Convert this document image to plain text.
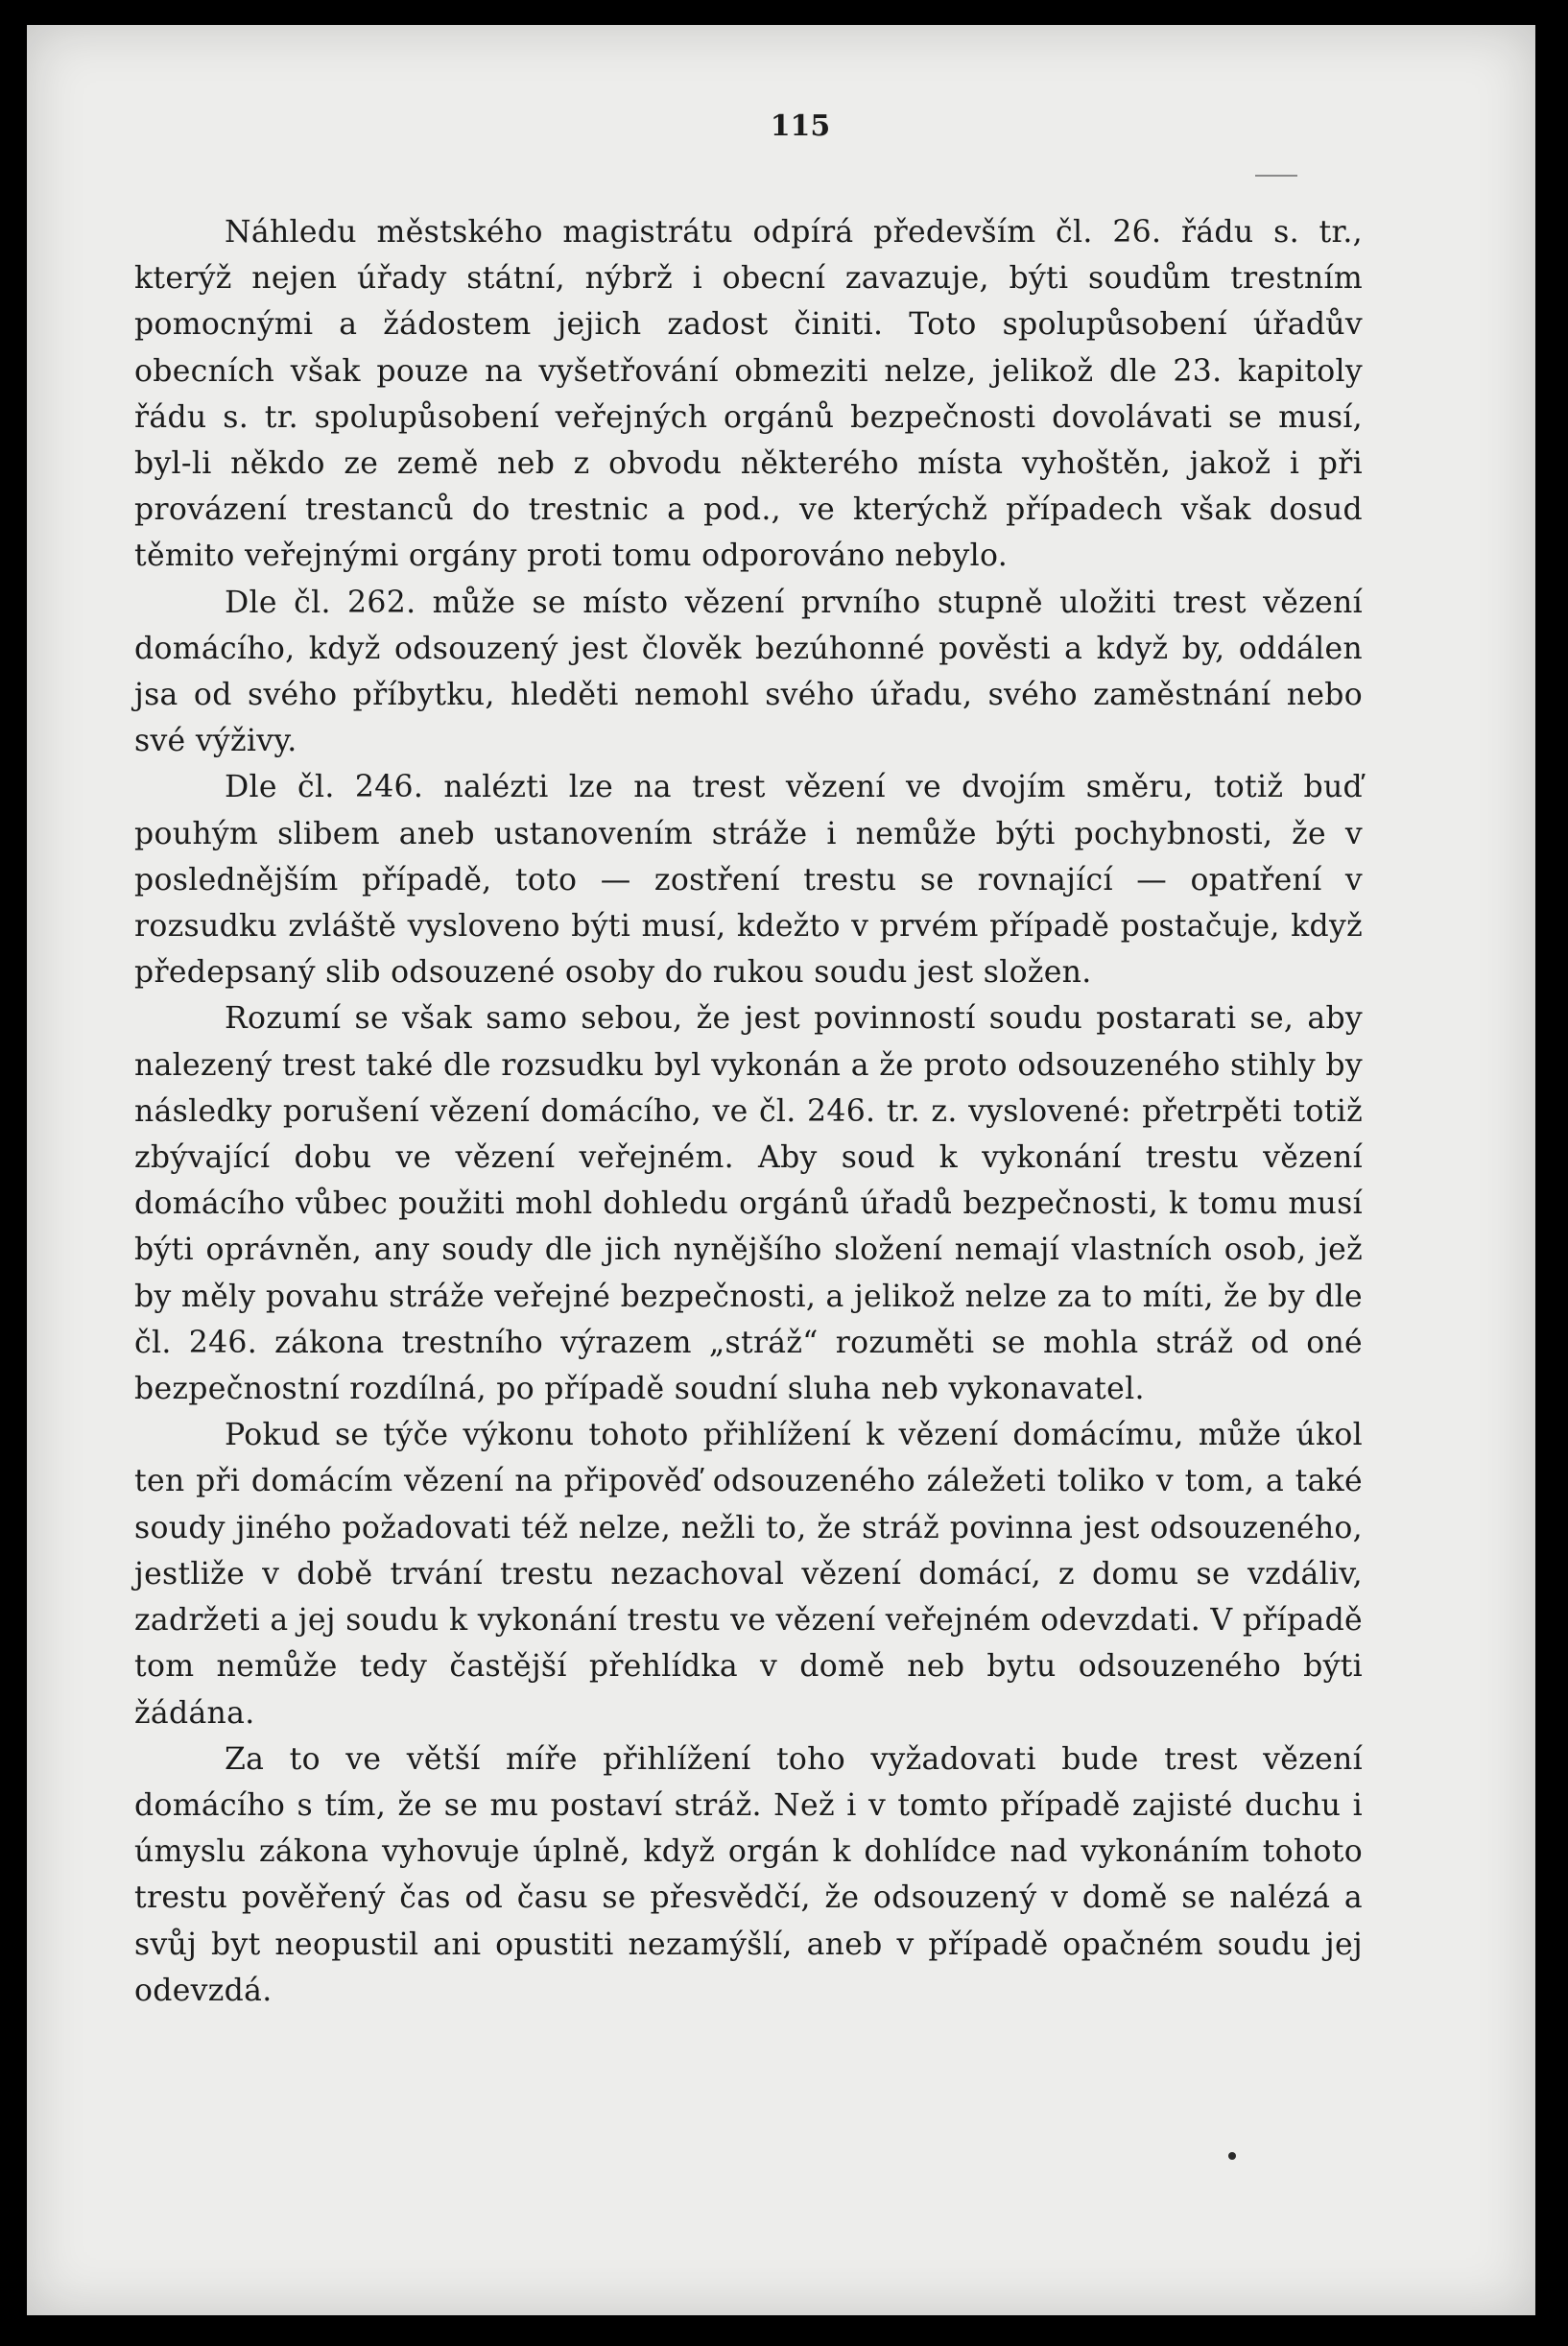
115

Náhledu městského magistrátu odpírá především čl. 26. řádu s. tr., kterýž nejen úřady státní, nýbrž i obecní zavazuje, býti soudům trestním pomocnými a žádostem jejich zadost činiti. Toto spolupůsobení úřadův obecních však pouze na vyšetřování obmeziti nelze, jelikož dle 23. kapitoly řádu s. tr. spolupůsobení veřejných orgánů bezpečnosti dovolávati se musí, byl-li někdo ze země neb z obvodu některého místa vyhoštěn, jakož i při provázení trestanců do trestnic a pod., ve kterýchž případech však dosud těmito veřejnými orgány proti tomu odporováno nebylo.

Dle čl. 262. může se místo vězení prvního stupně uložiti trest vězení domácího, když odsouzený jest člověk bezúhonné pověsti a když by, oddálen jsa od svého příbytku, hleděti nemohl svého úřadu, svého zaměstnání nebo své výživy.

Dle čl. 246. nalézti lze na trest vězení ve dvojím směru, totiž buď pouhým slibem aneb ustanovením stráže i nemůže býti pochybnosti, že v poslednějším případě, toto — zostření trestu se rovnající — opatření v rozsudku zvláště vysloveno býti musí, kdežto v prvém případě postačuje, když předepsaný slib odsouzené osoby do rukou soudu jest složen.

Rozumí se však samo sebou, že jest povinností soudu postarati se, aby nalezený trest také dle rozsudku byl vykonán a že proto odsouzeného stihly by následky porušení vězení domácího, ve čl. 246. tr. z. vyslovené: přetrpěti totiž zbývající dobu ve vězení veřejném. Aby soud k vykonání trestu vězení domácího vůbec použiti mohl dohledu orgánů úřadů bezpečnosti, k tomu musí býti oprávněn, any soudy dle jich nynějšího složení nemají vlastních osob, jež by měly povahu stráže veřejné bezpečnosti, a jelikož nelze za to míti, že by dle čl. 246. zákona trestního výrazem „stráž“ rozuměti se mohla stráž od oné bezpečnostní rozdílná, po případě soudní sluha neb vykonavatel.

Pokud se týče výkonu tohoto přihlížení k vězení domácímu, může úkol ten při domácím vězení na připověď odsouzeného záležeti toliko v tom, a také soudy jiného požadovati též nelze, nežli to, že stráž povinna jest odsouzeného, jestliže v době trvání trestu nezachoval vězení domácí, z domu se vzdáliv, zadržeti a jej soudu k vykonání trestu ve vězení veřejném odevzdati. V případě tom nemůže tedy častější přehlídka v domě neb bytu odsouzeného býti žádána.

Za to ve větší míře přihlížení toho vyžadovati bude trest vězení domácího s tím, že se mu postaví stráž. Než i v tomto případě zajisté duchu i úmyslu zákona vyhovuje úplně, když orgán k dohlídce nad vykonáním tohoto trestu pověřený čas od času se přesvědčí, že odsouzený v domě se nalézá a svůj byt neopustil ani opustiti nezamýšlí, aneb v případě opačném soudu jej odevzdá.
